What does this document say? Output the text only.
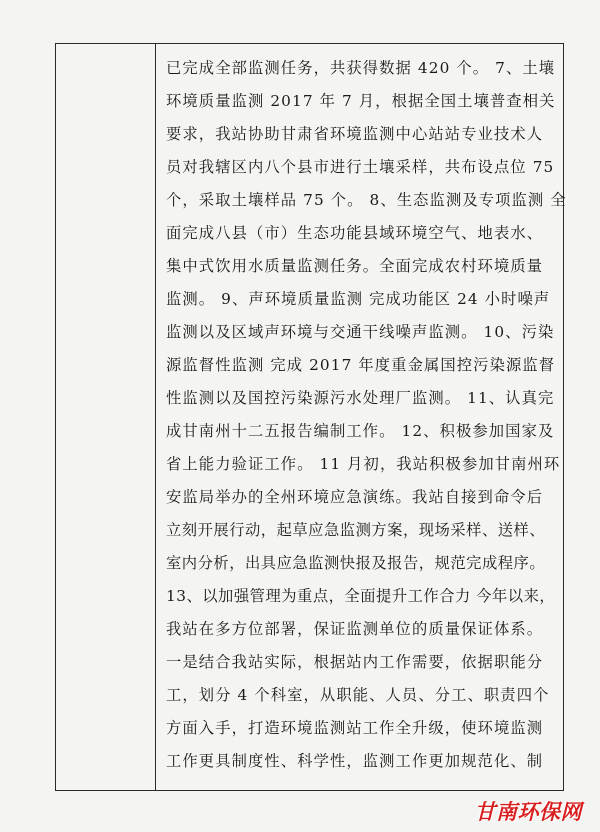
已完成全部监测任务，共获得数据 420 个。 7、土壤
环境质量监测 2017 年 7 月，根据全国土壤普查相关
要求，我站协助甘肃省环境监测中心站站专业技术人
员对我辖区内八个县市进行土壤采样，共布设点位 75
个，采取土壤样品 75 个。 8、生态监测及专项监测 全
面完成八县（市）生态功能县域环境空气、地表水、
集中式饮用水质量监测任务。全面完成农村环境质量
监测。 9、声环境质量监测 完成功能区 24 小时噪声
监测以及区域声环境与交通干线噪声监测。 10、污染
源监督性监测 完成 2017 年度重金属国控污染源监督
性监测以及国控污染源污水处理厂监测。 11、认真完
成甘南州十二五报告编制工作。 12、积极参加国家及
省上能力验证工作。 11 月初，我站积极参加甘南州环
安监局举办的全州环境应急演练。我站自接到命令后
立刻开展行动，起草应急监测方案，现场采样、送样、
室内分析，出具应急监测快报及报告，规范完成程序。
13、以加强管理为重点，全面提升工作合力 今年以来，
我站在多方位部署，保证监测单位的质量保证体系。
一是结合我站实际，根据站内工作需要，依据职能分
工，划分 4 个科室，从职能、人员、分工、职责四个
方面入手，打造环境监测站工作全升级，使环境监测
工作更具制度性、科学性，监测工作更加规范化、制
甘南环保网
